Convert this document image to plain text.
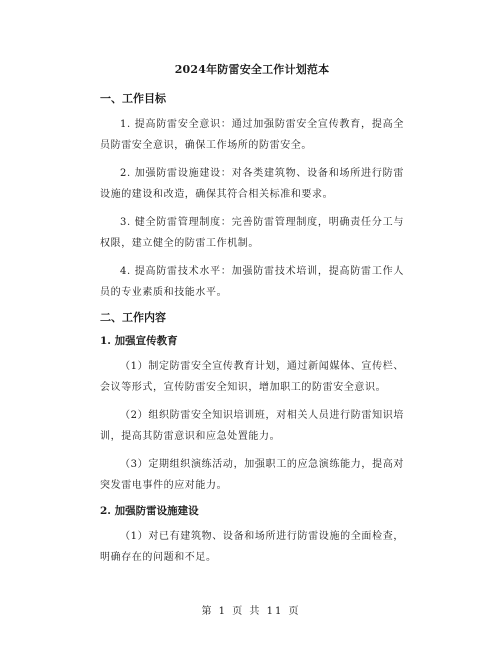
2024年防雷安全工作计划范本
一、工作目标

1. 提高防雷安全意识：通过加强防雷安全宣传教育，提高全员防雷安全意识，确保工作场所的防雷安全。

2. 加强防雷设施建设：对各类建筑物、设备和场所进行防雷设施的建设和改造，确保其符合相关标准和要求。

3. 健全防雷管理制度：完善防雷管理制度，明确责任分工与权限，建立健全的防雷工作机制。

4. 提高防雷技术水平：加强防雷技术培训，提高防雷工作人员的专业素质和技能水平。

二、工作内容
1. 加强宣传教育

（1）制定防雷安全宣传教育计划，通过新闻媒体、宣传栏、会议等形式，宣传防雷安全知识，增加职工的防雷安全意识。

（2）组织防雷安全知识培训班，对相关人员进行防雷知识培训，提高其防雷意识和应急处置能力。

（3）定期组织演练活动，加强职工的应急演练能力，提高对突发雷电事件的应对能力。

2. 加强防雷设施建设

（1）对已有建筑物、设备和场所进行防雷设施的全面检查，明确存在的问题和不足。

第 1 页 共 11 页
